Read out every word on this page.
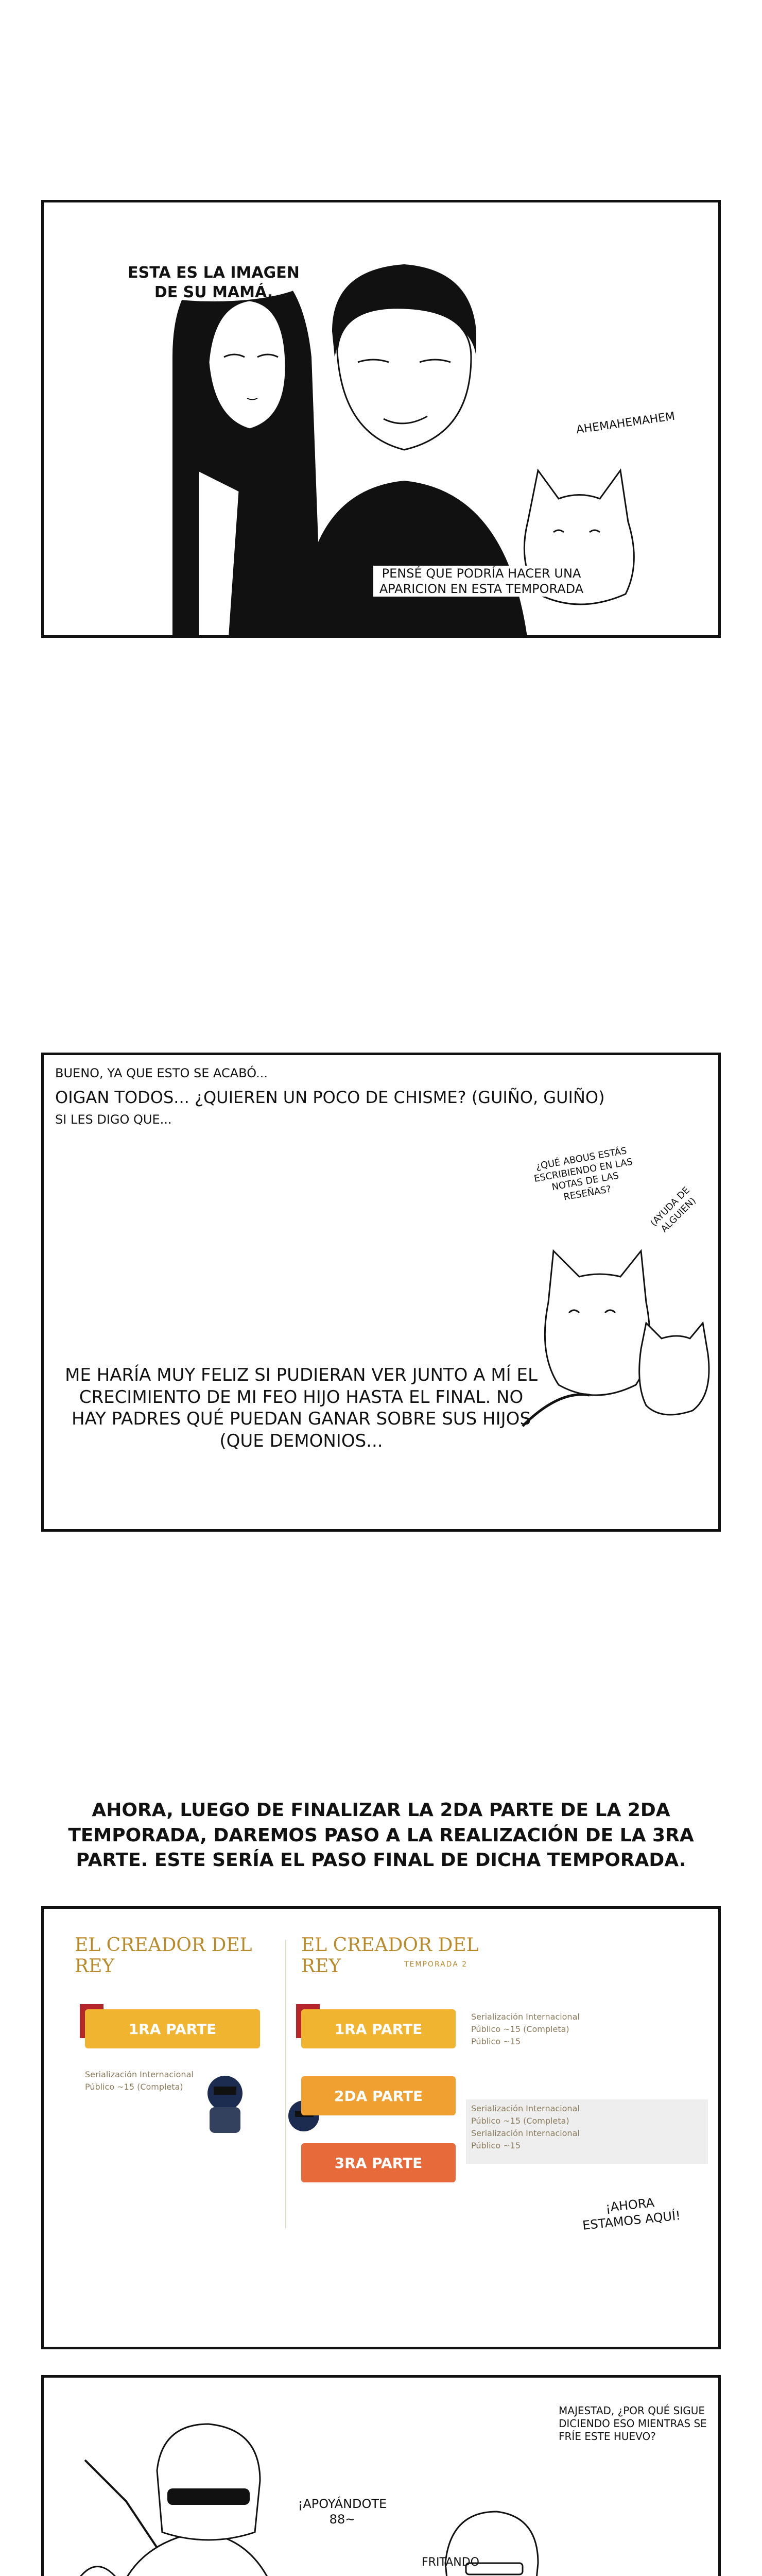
ESTA ES LA IMAGEN DE SU MAMÁ.
AHEMAHEMAHEM
PENSÉ QUE PODRÍA HACER UNA APARICION EN ESTA TEMPORADA
BUENO, YA QUE ESTO SE ACABÓ...
OIGAN TODOS... ¿QUIEREN UN POCO DE CHISME? (GUIÑO, GUIÑO)
SI LES DIGO QUE...
¿QUÉ ABOUS ESTÁS ESCRIBIENDO EN LAS NOTAS DE LAS RESEÑAS?	(AYUDA DE ALGUIEN)
ME HARÍA MUY FELIZ SI PUDIERAN VER JUNTO A MÍ EL CRECIMIENTO DE MI FEO HIJO HASTA EL FINAL. NO HAY PADRES QUÉ PUEDAN GANAR SOBRE SUS HIJOS (QUE DEMONIOS...
AHORA, LUEGO DE FINALIZAR LA 2DA PARTE DE LA 2DA TEMPORADA, DAREMOS PASO A LA REALIZACIÓN DE LA 3RA PARTE. ESTE SERÍA EL PASO FINAL DE DICHA TEMPORADA.
EL CREADOR DEL REY
EL CREADOR DEL REY	TEMPORADA 2
1RA PARTE
Serialización Internacional
Público ~15 (Completa)
1RA PARTE
2DA PARTE
3RA PARTE
Serialización Internacional
Público ~15 (Completa)
Público ~15
Serialización Internacional
Público ~15 (Completa)
Serialización Internacional
Público ~15
¡AHORA ESTAMOS AQUÍ!
¡APOYÁNDOTE 88~
FRITANDO
MAJESTAD, ¿POR QUÉ SIGUE DICIENDO ESO MIENTRAS SE FRÍE ESTE HUEVO?
